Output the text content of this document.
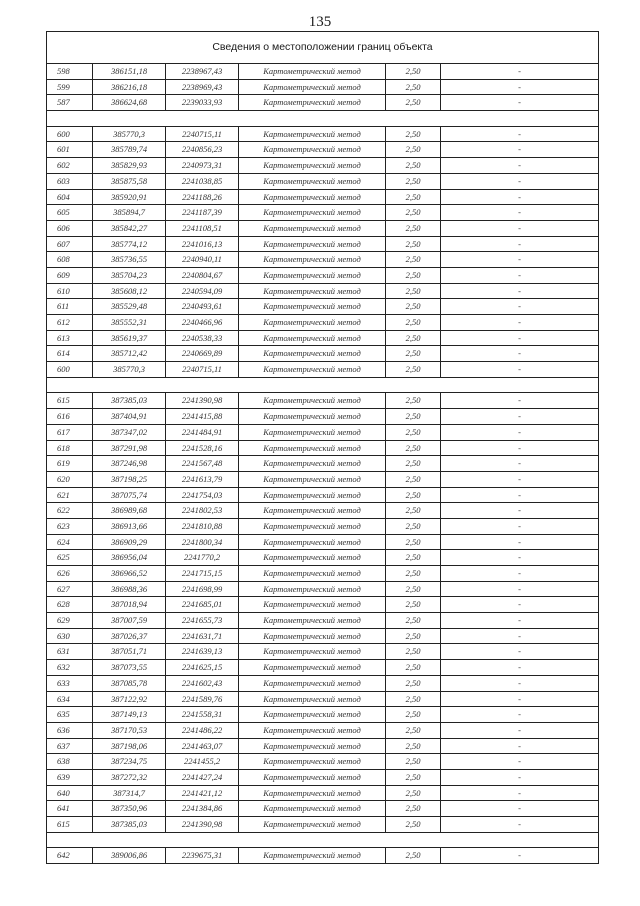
135
Сведения о местоположении границ объекта
598	386151,18	2238967,43	Картометрический метод	2,50	-
599	386216,18	2238969,43	Картометрический метод	2,50	-
587	386624,68	2239033,93	Картометрический метод	2,50	-
600	385770,3	2240715,11	Картометрический метод	2,50	-
601	385789,74	2240856,23	Картометрический метод	2,50	-
602	385829,93	2240973,31	Картометрический метод	2,50	-
603	385875,58	2241038,85	Картометрический метод	2,50	-
604	385920,91	2241188,26	Картометрический метод	2,50	-
605	385894,7	2241187,39	Картометрический метод	2,50	-
606	385842,27	2241108,51	Картометрический метод	2,50	-
607	385774,12	2241016,13	Картометрический метод	2,50	-
608	385736,55	2240940,11	Картометрический метод	2,50	-
609	385704,23	2240804,67	Картометрический метод	2,50	-
610	385608,12	2240594,09	Картометрический метод	2,50	-
611	385529,48	2240493,61	Картометрический метод	2,50	-
612	385552,31	2240466,96	Картометрический метод	2,50	-
613	385619,37	2240538,33	Картометрический метод	2,50	-
614	385712,42	2240669,89	Картометрический метод	2,50	-
600	385770,3	2240715,11	Картометрический метод	2,50	-
615	387385,03	2241390,98	Картометрический метод	2,50	-
616	387404,91	2241415,88	Картометрический метод	2,50	-
617	387347,02	2241484,91	Картометрический метод	2,50	-
618	387291,98	2241528,16	Картометрический метод	2,50	-
619	387246,98	2241567,48	Картометрический метод	2,50	-
620	387198,25	2241613,79	Картометрический метод	2,50	-
621	387075,74	2241754,03	Картометрический метод	2,50	-
622	386989,68	2241802,53	Картометрический метод	2,50	-
623	386913,66	2241810,88	Картометрический метод	2,50	-
624	386909,29	2241800,34	Картометрический метод	2,50	-
625	386956,04	2241770,2	Картометрический метод	2,50	-
626	386966,52	2241715,15	Картометрический метод	2,50	-
627	386988,36	2241698,99	Картометрический метод	2,50	-
628	387018,94	2241685,01	Картометрический метод	2,50	-
629	387007,59	2241655,73	Картометрический метод	2,50	-
630	387026,37	2241631,71	Картометрический метод	2,50	-
631	387051,71	2241639,13	Картометрический метод	2,50	-
632	387073,55	2241625,15	Картометрический метод	2,50	-
633	387085,78	2241602,43	Картометрический метод	2,50	-
634	387122,92	2241589,76	Картометрический метод	2,50	-
635	387149,13	2241558,31	Картометрический метод	2,50	-
636	387170,53	2241486,22	Картометрический метод	2,50	-
637	387198,06	2241463,07	Картометрический метод	2,50	-
638	387234,75	2241455,2	Картометрический метод	2,50	-
639	387272,32	2241427,24	Картометрический метод	2,50	-
640	387314,7	2241421,12	Картометрический метод	2,50	-
641	387350,96	2241384,86	Картометрический метод	2,50	-
615	387385,03	2241390,98	Картометрический метод	2,50	-
642	389006,86	2239675,31	Картометрический метод	2,50	-
